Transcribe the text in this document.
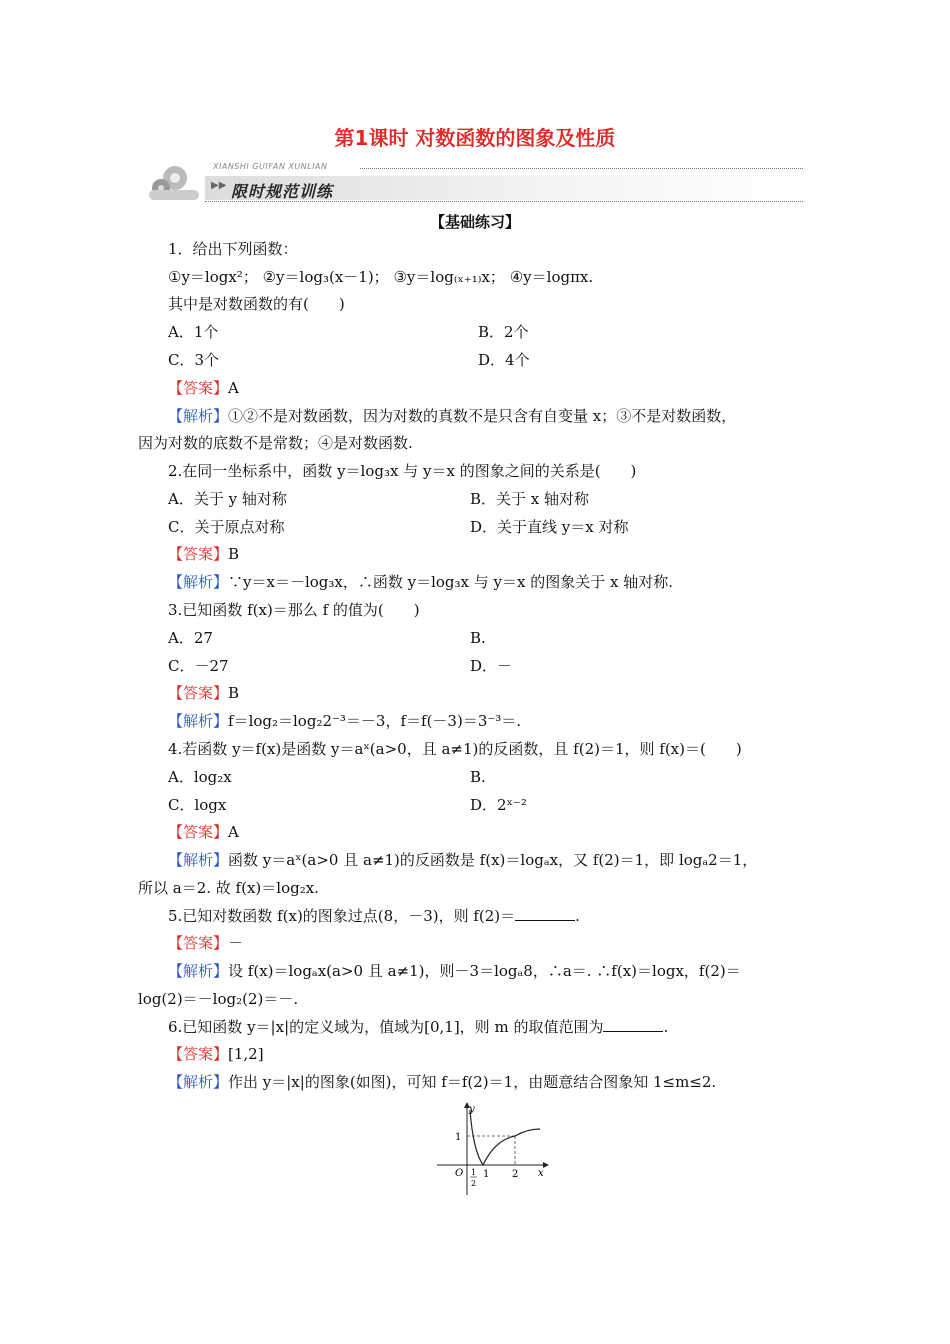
第1课时 对数函数的图象及性质
XIANSHI GUIFAN XUNLIAN
▶▶ 限时规范训练
【基础练习】
1．给出下列函数：
①y＝logx²； ②y＝log₃(x－1)； ③y＝log₍ₓ₊₁₎x； ④y＝logπx.
其中是对数函数的有(　　)
A．1个	B．2个
C．3个	D．4个
【答案】A
【解析】①②不是对数函数，因为对数的真数不是只含有自变量 x；③不是对数函数，
因为对数的底数不是常数；④是对数函数.
2.在同一坐标系中，函数 y＝log₃x 与 y＝x 的图象之间的关系是(　　)
A．关于 y 轴对称	B．关于 x 轴对称
C．关于原点对称	D．关于直线 y＝x 对称
【答案】B
【解析】∵y＝x＝－log₃x，∴函数 y＝log₃x 与 y＝x 的图象关于 x 轴对称.
3.已知函数 f(x)＝那么 f 的值为(　　)
A．27	B.
C．－27	D．－
【答案】B
【解析】f＝log₂＝log₂2⁻³＝－3，f＝f(－3)＝3⁻³＝.
4.若函数 y＝f(x)是函数 y＝aˣ(a>0，且 a≠1)的反函数，且 f(2)＝1，则 f(x)＝(　　)
A．log₂x	B.
C．logx	D．2ˣ⁻²
【答案】A
【解析】函数 y＝aˣ(a>0 且 a≠1)的反函数是 f(x)＝logₐx，又 f(2)＝1，即 logₐ2＝1，
所以 a＝2. 故 f(x)＝log₂x.
5.已知对数函数 f(x)的图象过点(8，－3)，则 f(2)＝	.
【答案】－
【解析】设 f(x)＝logₐx(a>0 且 a≠1)，则－3＝logₐ8，∴a＝. ∴f(x)＝logx，f(2)＝
log(2)＝－log₂(2)＝－.
6.已知函数 y＝|x|的定义域为，值域为[0,1]，则 m 的取值范围为	.
【答案】[1,2]
【解析】作出 y＝|x|的图象(如图)，可知 f＝f(2)＝1，由题意结合图象知 1≤m≤2.
y
x
O
1
1
2
1 2
